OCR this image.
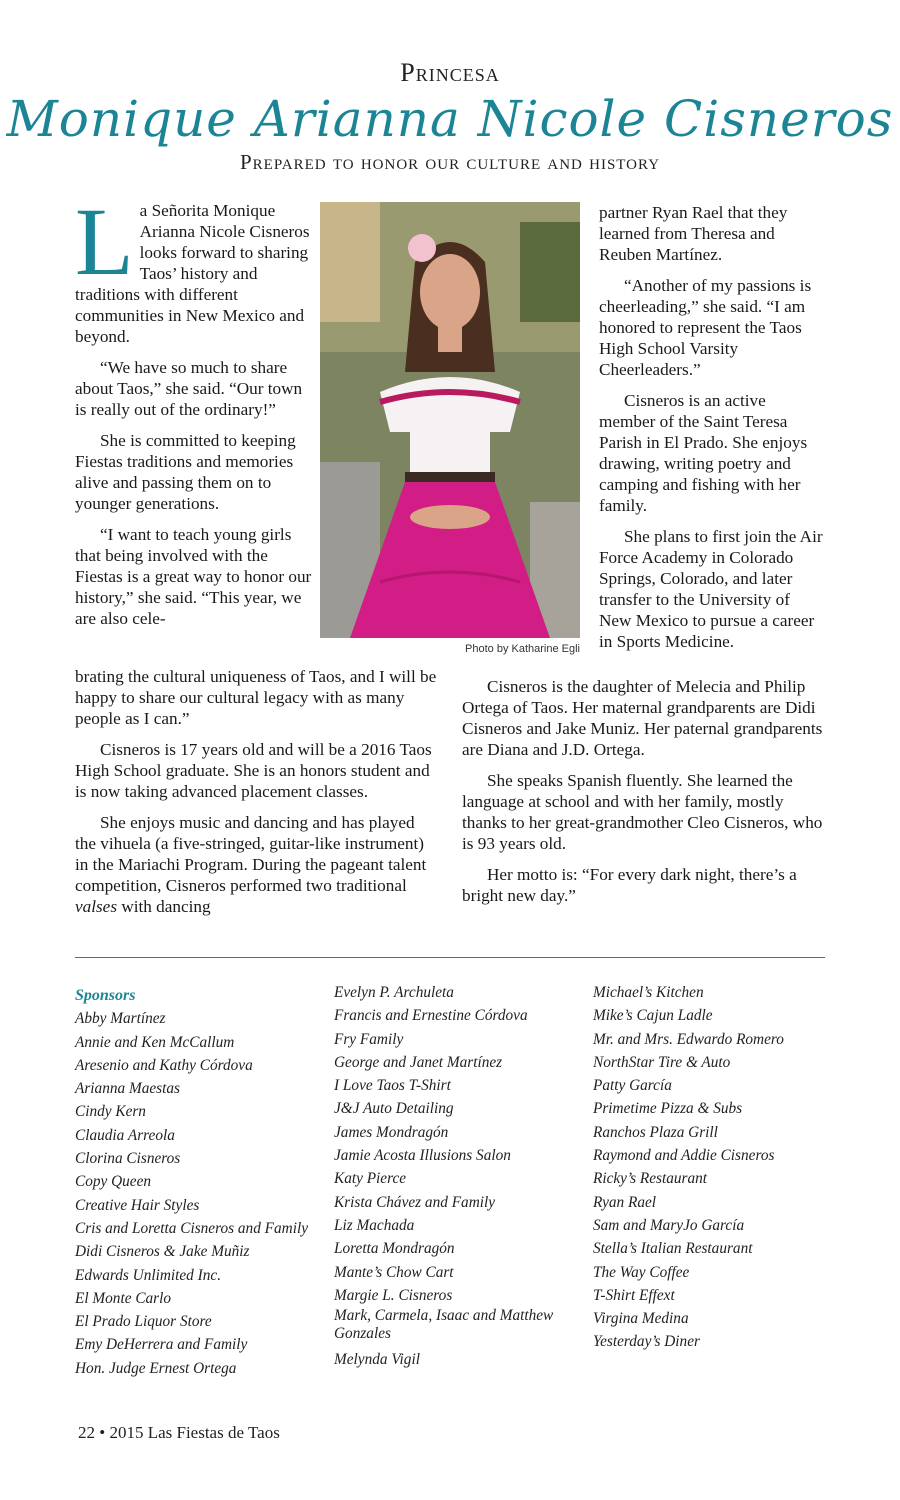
Princesa
Monique Arianna Nicole Cisneros
Prepared to honor our culture and history

La Señorita Monique Arianna Nicole Cisneros looks forward to sharing Taos’ history and traditions with different communities in New Mexico and beyond.

“We have so much to share about Taos,” she said. “Our town is really out of the ordinary!”

She is committed to keeping Fiestas traditions and memories alive and passing them on to younger generations.

“I want to teach young girls that being involved with the Fiestas is a great way to honor our history,” she said. “This year, we are also cele-

Photo by Katharine Egli

partner Ryan Rael that they learned from Theresa and Reuben Martínez.

“Another of my passions is cheerleading,” she said. “I am honored to represent the Taos High School Varsity Cheerleaders.”

Cisneros is an active member of the Saint Teresa Parish in El Prado. She enjoys drawing, writing poetry and camping and fishing with her family.

She plans to first join the Air Force Academy in Colorado Springs, Colorado, and later transfer to the University of New Mexico to pursue a career in Sports Medicine.

brating the cultural uniqueness of Taos, and I will be happy to share our cultural legacy with as many people as I can.”

Cisneros is 17 years old and will be a 2016 Taos High School graduate. She is an honors student and is now taking advanced placement classes.

She enjoys music and dancing and has played the vihuela (a five-stringed, guitar-like instrument) in the Mariachi Program. During the pageant talent competition, Cisneros performed two traditional valses with dancing

Cisneros is the daughter of Melecia and Philip Ortega of Taos. Her maternal grandparents are Didi Cisneros and Jake Muniz. Her paternal grandparents are Diana and J.D. Ortega.

She speaks Spanish fluently. She learned the language at school and with her family, mostly thanks to her great-grandmother Cleo Cisneros, who is 93 years old.

Her motto is: “For every dark night, there’s a bright new day.”

Sponsors
Abby Martínez
Annie and Ken McCallum
Aresenio and Kathy Córdova
Arianna Maestas
Cindy Kern
Claudia Arreola
Clorina Cisneros
Copy Queen
Creative Hair Styles
Cris and Loretta Cisneros and Family
Didi Cisneros & Jake Muñiz
Edwards Unlimited Inc.
El Monte Carlo
El Prado Liquor Store
Emy DeHerrera and Family
Hon. Judge Ernest Ortega
Evelyn P. Archuleta
Francis and Ernestine Córdova
Fry Family
George and Janet Martínez
I Love Taos T-Shirt
J&J Auto Detailing
James Mondragón
Jamie Acosta Illusions Salon
Katy Pierce
Krista Chávez and Family
Liz Machada
Loretta Mondragón
Mante’s Chow Cart
Margie L. Cisneros
Mark, Carmela, Isaac and Matthew Gonzales
Melynda Vigil
Michael’s Kitchen
Mike’s Cajun Ladle
Mr. and Mrs. Edwardo Romero
NorthStar Tire & Auto
Patty García
Primetime Pizza & Subs
Ranchos Plaza Grill
Raymond and Addie Cisneros
Ricky’s Restaurant
Ryan Rael
Sam and MaryJo García
Stella’s Italian Restaurant
The Way Coffee
T-Shirt Effext
Virgina Medina
Yesterday’s Diner
22 • 2015 Las Fiestas de Taos
